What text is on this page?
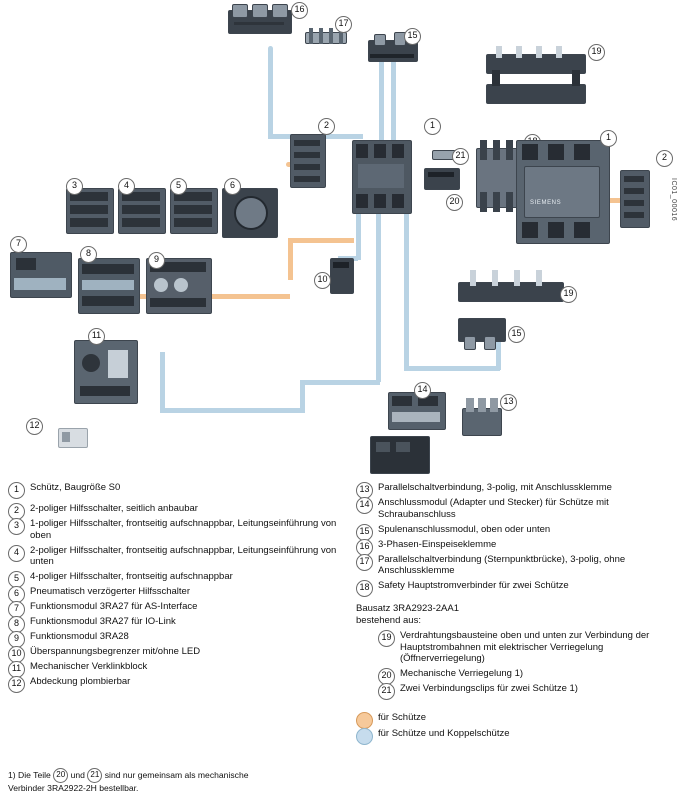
16
17
15
19
2	1
21
20	SIEMENS
1
2
IC01_00016
3	4	5	6
7
8
9
10
11
12
19
15
14
13
1	Schütz, Baugröße S0
2	2-poliger Hilfsschalter, seitlich anbaubar
3	1-poliger Hilfsschalter, frontseitig aufschnappbar, Leitungseinführung von oben
4	2-poliger Hilfsschalter, frontseitig aufschnappbar, Leitungseinführung von unten
5	4-poliger Hilfsschalter, frontseitig aufschnappbar
6	Pneumatisch verzögerter Hilfsschalter
7	Funktionsmodul 3RA27 für AS-Interface
8	Funktionsmodul 3RA27 für IO-Link
9	Funktionsmodul 3RA28
10 Überspannungsbegrenzer mit/ohne LED
11 Mechanischer Verklinkblock
12 Abdeckung plombierbar
13 Parallelschaltverbindung, 3-polig, mit Anschlussklemme
14 Anschlussmodul (Adapter und Stecker) für Schütze mit Schraubanschluss
15 Spulenanschlussmodul, oben oder unten
16 3-Phasen-Einspeiseklemme
17 Parallelschaltverbindung (Sternpunktbrücke), 3-polig, ohne Anschlussklemme
18 Safety Hauptstromverbinder für zwei Schütze
Bausatz 3RA2923-2AA1
bestehend aus:
19 Verdrahtungsbausteine oben und unten zur Verbindung der Hauptstrombahnen mit elektrischer Verriegelung (Öffnerverriegelung)
20 Mechanische Verriegelung 1)
21 Zwei Verbindungsclips für zwei Schütze 1)
für Schütze
für Schütze und Koppelschütze
1) Die Teile 20 und 21 sind nur gemeinsam als mechanische
Verbinder 3RA2922-2H bestellbar.
